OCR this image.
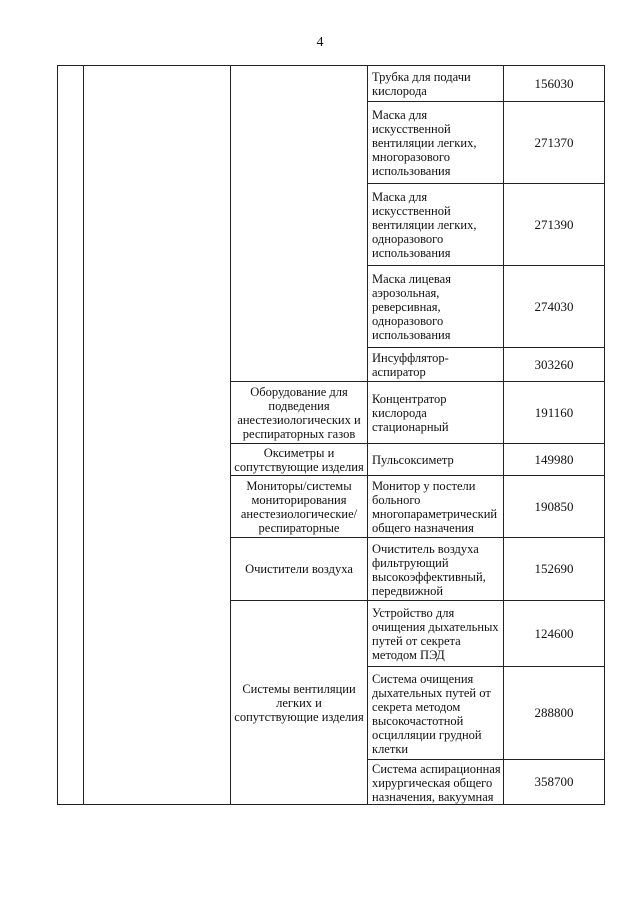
4
Трубка для подачи
кислорода
156030
Маска для
искусственной
вентиляции легких,
многоразового
использования
271370
Маска для
искусственной
вентиляции легких,
одноразового
использования
271390
Маска лицевая
аэрозольная,
реверсивная,
одноразового
использования
274030
Инсуффлятор-
аспиратор
303260
Концентратор
кислорода
стационарный
191160
Пульсоксиметр	149980
Монитор у постели
больного
многопараметрический
общего назначения
190850
Очиститель воздуха
фильтрующий
высокоэффективный,
передвижной
152690
Устройство для
очищения дыхательных
путей от секрета
методом ПЭД
124600
Система очищения
дыхательных путей от
секрета методом
высокочастотной
осцилляции грудной
клетки
288800
Система аспирационная
хирургическая общего
назначения, вакуумная
358700
Оборудование для
подведения
анестезиологических и
респираторных газов
Оксиметры и
сопутствующие изделия
Мониторы/системы
мониторирования
анестезиологические/
респираторные
Очистители воздуха
Системы вентиляции
легких и
сопутствующие изделия
